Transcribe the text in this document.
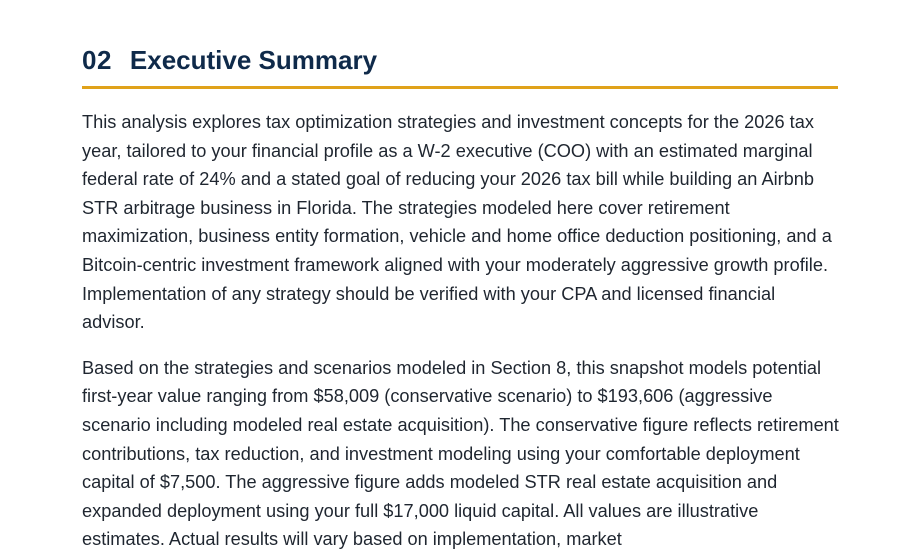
02 Executive Summary

This analysis explores tax optimization strategies and investment concepts for the 2026 tax year, tailored to your financial profile as a W-2 executive (COO) with an estimated marginal federal rate of 24% and a stated goal of reducing your 2026 tax bill while building an Airbnb STR arbitrage business in Florida. The strategies modeled here cover retirement maximization, business entity formation, vehicle and home office deduction positioning, and a Bitcoin-centric investment framework aligned with your moderately aggressive growth profile. Implementation of any strategy should be verified with your CPA and licensed financial advisor.

Based on the strategies and scenarios modeled in Section 8, this snapshot models potential first-year value ranging from $58,009 (conservative scenario) to $193,606 (aggressive scenario including modeled real estate acquisition). The conservative figure reflects retirement contributions, tax reduction, and investment modeling using your comfortable deployment capital of $7,500. The aggressive figure adds modeled STR real estate acquisition and expanded deployment using your full $17,000 liquid capital. All values are illustrative estimates. Actual results will vary based on implementation, market
